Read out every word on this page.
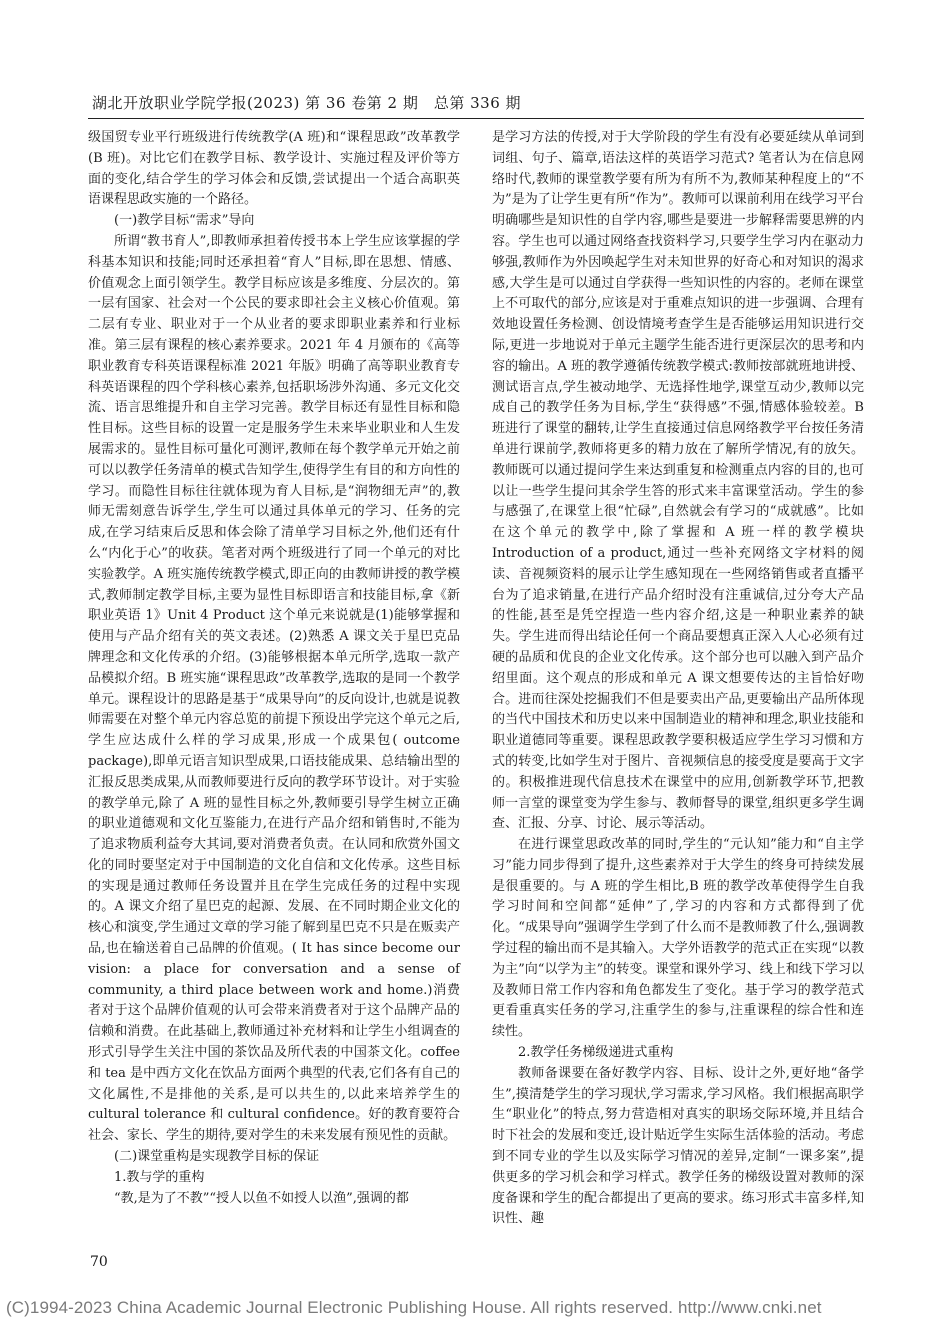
湖北开放职业学院学报(2023) 第 36 卷第 2 期　总第 336 期

级国贸专业平行班级进行传统教学(A 班)和“课程思政”改革教学(B 班)。对比它们在教学目标、教学设计、实施过程及评价等方面的变化,结合学生的学习体会和反馈,尝试提出一个适合高职英语课程思政实施的一个路径。

(一)教学目标“需求”导向

所谓“教书育人”,即教师承担着传授书本上学生应该掌握的学科基本知识和技能;同时还承担着“育人”目标,即在思想、情感、价值观念上面引领学生。教学目标应该是多维度、分层次的。第一层有国家、社会对一个公民的要求即社会主义核心价值观。第二层有专业、职业对于一个从业者的要求即职业素养和行业标准。第三层有课程的核心素养要求。2021 年 4 月颁布的《高等职业教育专科英语课程标准 2021 年版》明确了高等职业教育专科英语课程的四个学科核心素养,包括职场涉外沟通、多元文化交流、语言思维提升和自主学习完善。教学目标还有显性目标和隐性目标。这些目标的设置一定是服务学生未来毕业职业和人生发展需求的。显性目标可量化可测评,教师在每个教学单元开始之前可以以教学任务清单的模式告知学生,使得学生有目的和方向性的学习。而隐性目标往往就体现为育人目标,是“润物细无声”的,教师无需刻意告诉学生,学生可以通过具体单元的学习、任务的完成,在学习结束后反思和体会除了清单学习目标之外,他们还有什么“内化于心”的收获。笔者对两个班级进行了同一个单元的对比实验教学。A 班实施传统教学模式,即正向的由教师讲授的教学模式,教师制定教学目标,主要为显性目标即语言和技能目标,拿《新职业英语 1》Unit 4 Product 这个单元来说就是(1)能够掌握和使用与产品介绍有关的英文表述。(2)熟悉 A 课文关于星巴克品牌理念和文化传承的介绍。(3)能够根据本单元所学,选取一款产品模拟介绍。B 班实施“课程思政”改革教学,选取的是同一个教学单元。课程设计的思路是基于“成果导向”的反向设计,也就是说教师需要在对整个单元内容总览的前提下预设出学完这个单元之后,学生应达成什么样的学习成果,形成一个成果包( outcome package),即单元语言知识型成果,口语技能成果、总结输出型的汇报反思类成果,从而教师要进行反向的教学环节设计。对于实验的教学单元,除了 A 班的显性目标之外,教师要引导学生树立正确的职业道德观和文化互鉴能力,在进行产品介绍和销售时,不能为了追求物质利益夸大其词,要对消费者负责。在认同和欣赏外国文化的同时要坚定对于中国制造的文化自信和文化传承。这些目标的实现是通过教师任务设置并且在学生完成任务的过程中实现的。A 课文介绍了星巴克的起源、发展、在不同时期企业文化的核心和演变,学生通过文章的学习能了解到星巴克不只是在贩卖产品,也在输送着自己品牌的价值观。( It has since become our vision: a place for conversation and a sense of community, a third place between work and home.)消费者对于这个品牌价值观的认可会带来消费者对于这个品牌产品的信赖和消费。在此基础上,教师通过补充材料和让学生小组调查的形式引导学生关注中国的茶饮品及所代表的中国茶文化。coffee 和 tea 是中西方文化在饮品方面两个典型的代表,它们各有自己的文化属性,不是排他的关系,是可以共生的,以此来培养学生的 cultural tolerance 和 cultural confidence。好的教育要符合社会、家长、学生的期待,要对学生的未来发展有预见性的贡献。

(二)课堂重构是实现教学目标的保证

1.教与学的重构

“教,是为了不教”“授人以鱼不如授人以渔”,强调的都

是学习方法的传授,对于大学阶段的学生有没有必要延续从单词到词组、句子、篇章,语法这样的英语学习范式? 笔者认为在信息网络时代,教师的课堂教学要有所为有所不为,教师某种程度上的“不为”是为了让学生更有所“作为”。教师可以课前利用在线学习平台明确哪些是知识性的自学内容,哪些是要进一步解释需要思辨的内容。学生也可以通过网络查找资料学习,只要学生学习内在驱动力够强,教师作为外因唤起学生对未知世界的好奇心和对知识的渴求感,大学生是可以通过自学获得一些知识性的内容的。老师在课堂上不可取代的部分,应该是对于重难点知识的进一步强调、合理有效地设置任务检测、创设情境考查学生是否能够运用知识进行交际,更进一步地说对于单元主题学生能否进行更深层次的思考和内容的输出。A 班的教学遵循传统教学模式:教师按部就班地讲授、测试语言点,学生被动地学、无选择性地学,课堂互动少,教师以完成自己的教学任务为目标,学生“获得感”不强,情感体验较差。B 班进行了课堂的翻转,让学生直接通过信息网络教学平台按任务清单进行课前学,教师将更多的精力放在了解所学情况,有的放矢。教师既可以通过提问学生来达到重复和检测重点内容的目的,也可以让一些学生提问其余学生答的形式来丰富课堂活动。学生的参与感强了,在课堂上很“忙碌”,自然就会有学习的“成就感”。比如在这个单元的教学中,除了掌握和 A 班一样的教学模块 Introduction of a product,通过一些补充网络文字材料的阅读、音视频资料的展示让学生感知现在一些网络销售或者直播平台为了追求销量,在进行产品介绍时没有注重诚信,过分夸大产品的性能,甚至是凭空捏造一些内容介绍,这是一种职业素养的缺失。学生进而得出结论任何一个商品要想真正深入人心必须有过硬的品质和优良的企业文化传承。这个部分也可以融入到产品介绍里面。这个观点的形成和单元 A 课文想要传达的主旨恰好吻合。进而往深处挖掘我们不但是要卖出产品,更要输出产品所体现的当代中国技术和历史以来中国制造业的精神和理念,职业技能和职业道德同等重要。课程思政教学要积极适应学生学习习惯和方式的转变,比如学生对于图片、音视频信息的接受度是要高于文字的。积极推进现代信息技术在课堂中的应用,创新教学环节,把教师一言堂的课堂变为学生参与、教师督导的课堂,组织更多学生调查、汇报、分享、讨论、展示等活动。

在进行课堂思政改革的同时,学生的“元认知”能力和“自主学习”能力同步得到了提升,这些素养对于大学生的终身可持续发展是很重要的。与 A 班的学生相比,B 班的教学改革使得学生自我学习时间和空间都“延伸”了,学习的内容和方式都得到了优化。“成果导向”强调学生学到了什么而不是教师教了什么,强调教学过程的输出而不是其输入。大学外语教学的范式正在实现“以教为主”向“以学为主”的转变。课堂和课外学习、线上和线下学习以及教师日常工作内容和角色都发生了变化。基于学习的教学范式更看重真实任务的学习,注重学生的参与,注重课程的综合性和连续性。

2.教学任务梯级递进式重构

教师备课要在备好教学内容、目标、设计之外,更好地“备学生”,摸清楚学生的学习现状,学习需求,学习风格。我们根据高职学生“职业化”的特点,努力营造相对真实的职场交际环境,并且结合时下社会的发展和变迁,设计贴近学生实际生活体验的活动。考虑到不同专业的学生以及实际学习情况的差异,定制“一课多案”,提供更多的学习机会和学习样式。教学任务的梯级设置对教师的深度备课和学生的配合都提出了更高的要求。练习形式丰富多样,知识性、趣

70
(C)1994-2023 China Academic Journal Electronic Publishing House. All rights reserved. http://www.cnki.net
